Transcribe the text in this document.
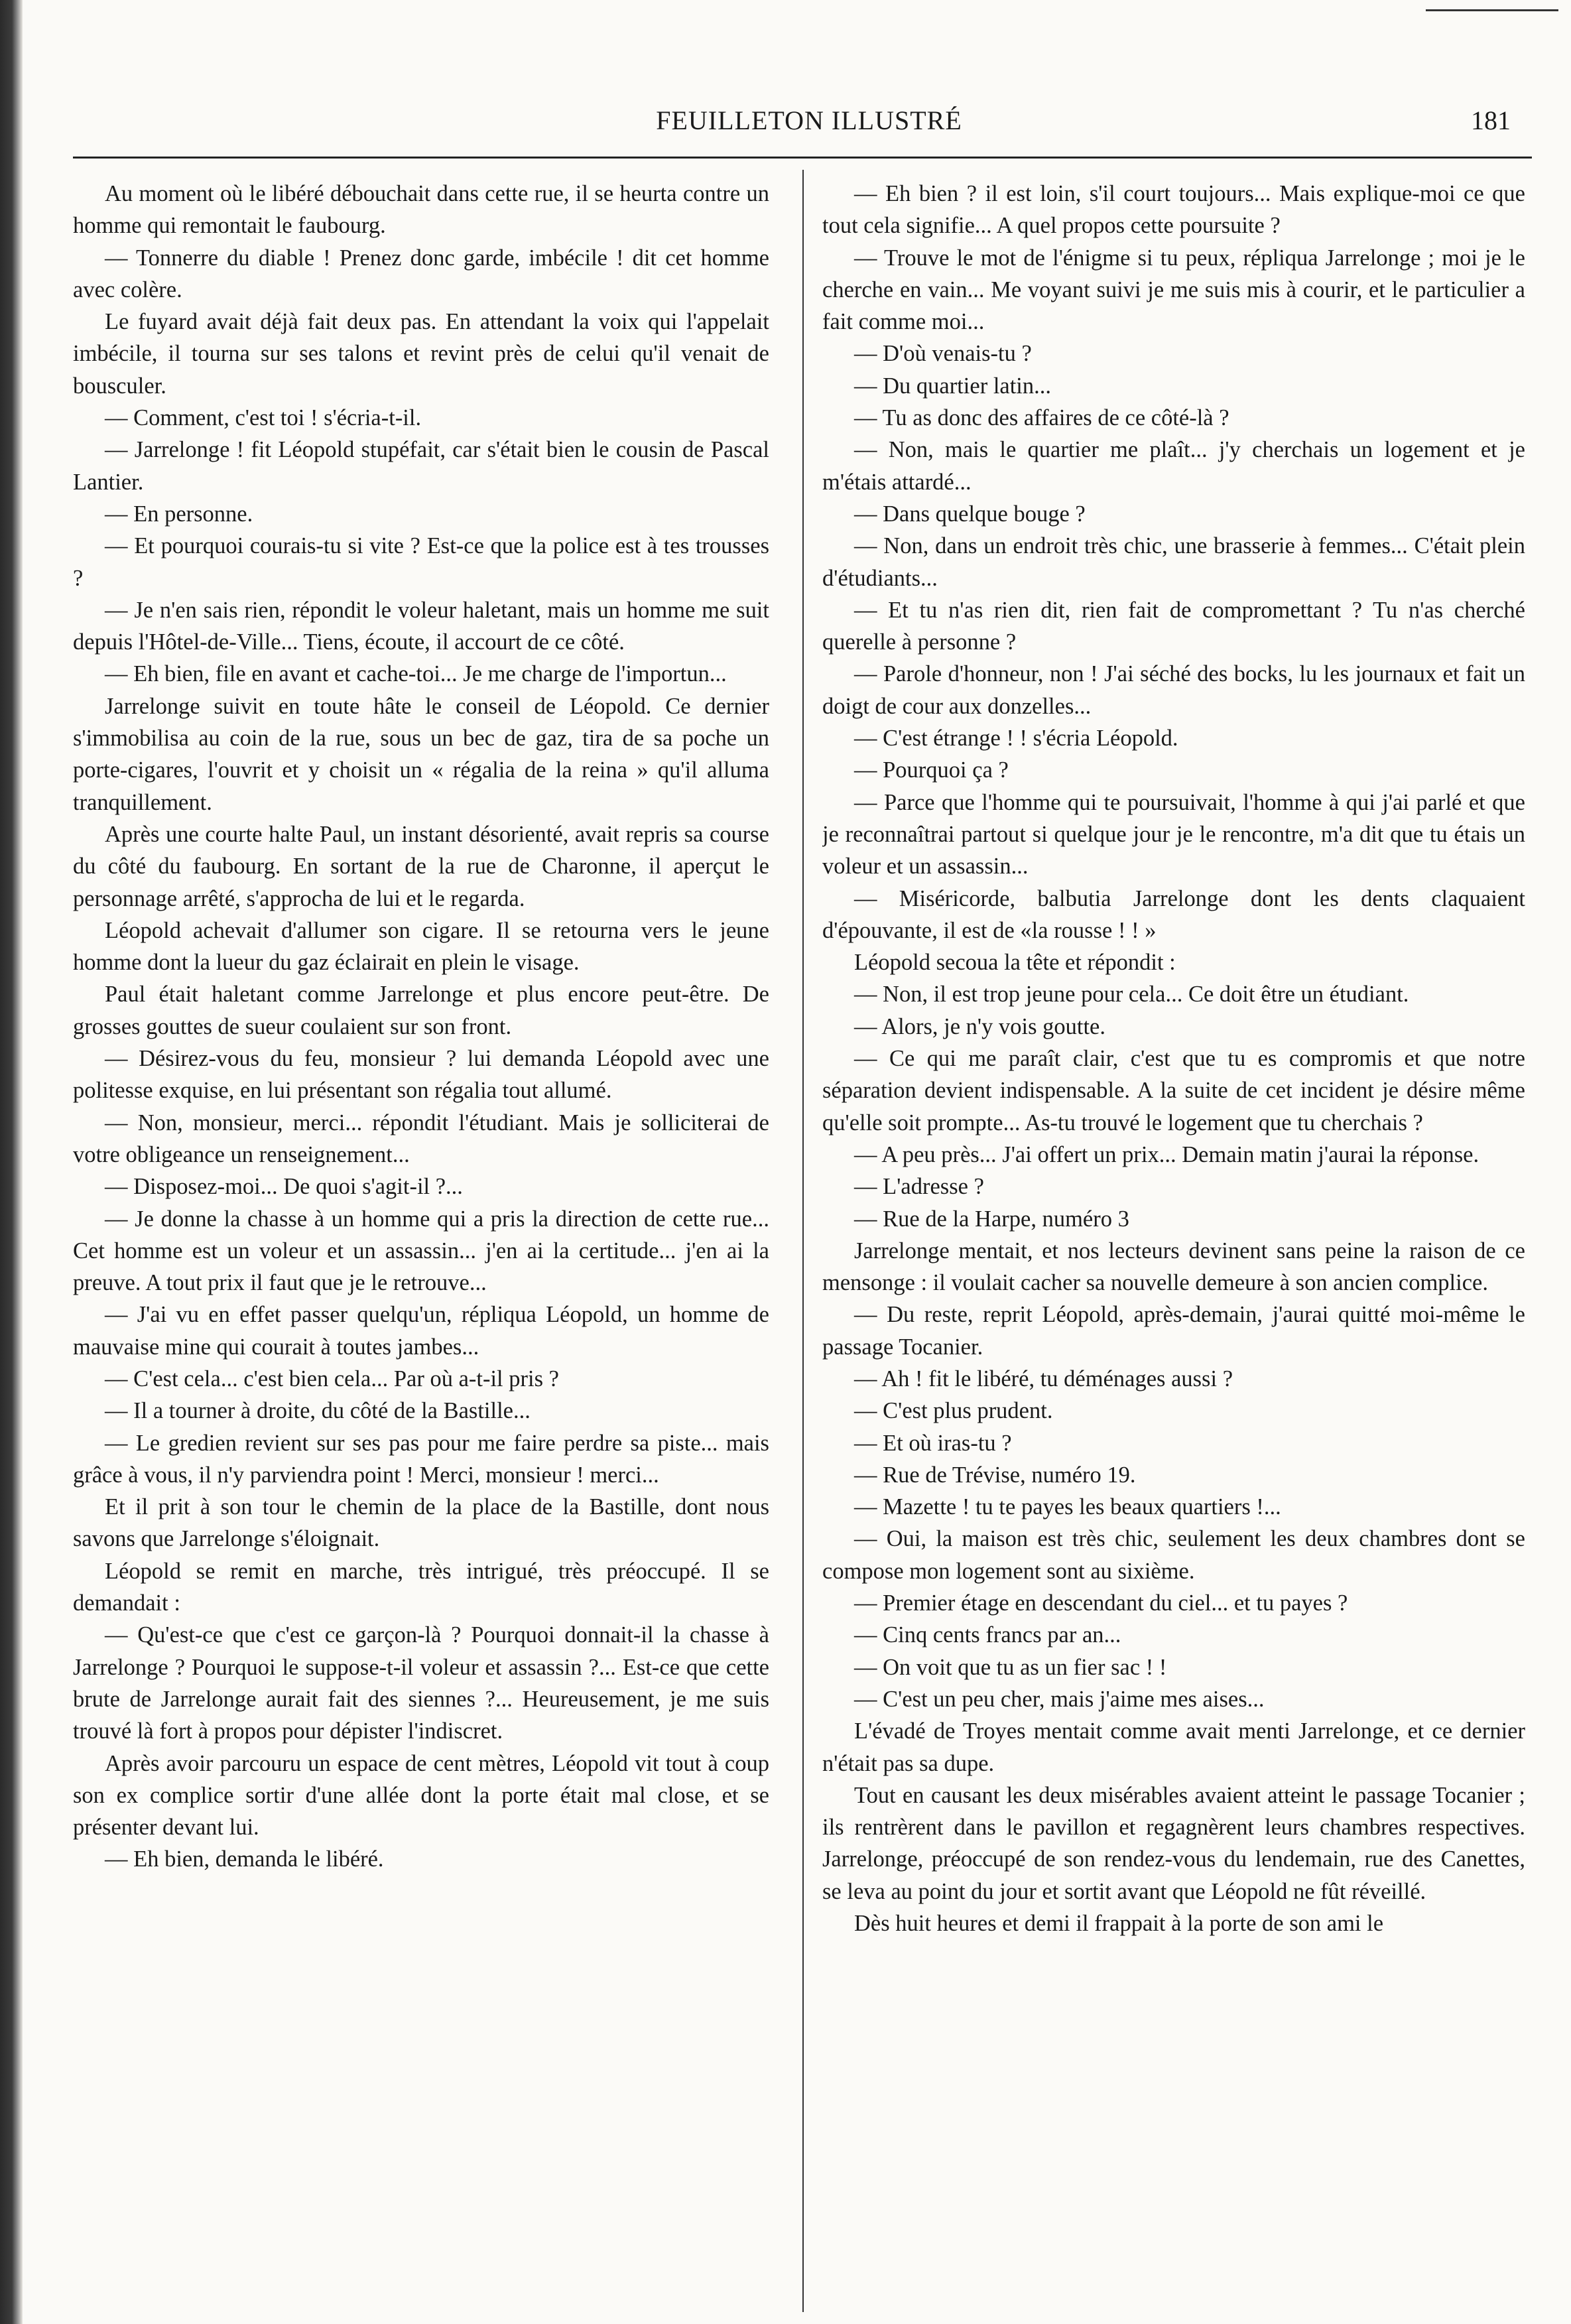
FEUILLETON ILLUSTRÉ	181

Au moment où le libéré débouchait dans cette rue, il se heurta contre un homme qui remontait le faubourg.

— Tonnerre du diable ! Prenez donc garde, imbécile ! dit cet homme avec colère.

Le fuyard avait déjà fait deux pas. En attendant la voix qui l'appelait imbécile, il tourna sur ses talons et revint près de celui qu'il venait de bousculer.

— Comment, c'est toi ! s'écria-t-il.

— Jarrelonge ! fit Léopold stupéfait, car s'était bien le cousin de Pascal Lantier.

— En personne.

— Et pourquoi courais-tu si vite ? Est-ce que la police est à tes trousses ?

— Je n'en sais rien, répondit le voleur haletant, mais un homme me suit depuis l'Hôtel-de-Ville... Tiens, écoute, il accourt de ce côté.

— Eh bien, file en avant et cache-toi... Je me charge de l'importun...

Jarrelonge suivit en toute hâte le conseil de Léopold. Ce dernier s'immobilisa au coin de la rue, sous un bec de gaz, tira de sa poche un porte-cigares, l'ouvrit et y choisit un « régalia de la reina » qu'il alluma tranquillement.

Après une courte halte Paul, un instant désorienté, avait repris sa course du côté du faubourg. En sortant de la rue de Charonne, il aperçut le personnage arrêté, s'approcha de lui et le regarda.

Léopold achevait d'allumer son cigare. Il se retourna vers le jeune homme dont la lueur du gaz éclairait en plein le visage.

Paul était haletant comme Jarrelonge et plus encore peut-être. De grosses gouttes de sueur coulaient sur son front.

— Désirez-vous du feu, monsieur ? lui demanda Léopold avec une politesse exquise, en lui présentant son régalia tout allumé.

— Non, monsieur, merci... répondit l'étudiant. Mais je solliciterai de votre obligeance un renseignement...

— Disposez-moi... De quoi s'agit-il ?...

— Je donne la chasse à un homme qui a pris la direction de cette rue... Cet homme est un voleur et un assassin... j'en ai la certitude... j'en ai la preuve. A tout prix il faut que je le retrouve...

— J'ai vu en effet passer quelqu'un, répliqua Léopold, un homme de mauvaise mine qui courait à toutes jambes...

— C'est cela... c'est bien cela... Par où a-t-il pris ?

— Il a tourner à droite, du côté de la Bastille...

— Le gredien revient sur ses pas pour me faire perdre sa piste... mais grâce à vous, il n'y parviendra point ! Merci, monsieur ! merci...

Et il prit à son tour le chemin de la place de la Bastille, dont nous savons que Jarrelonge s'éloignait.

Léopold se remit en marche, très intrigué, très préoccupé. Il se demandait :

— Qu'est-ce que c'est ce garçon-là ? Pourquoi donnait-il la chasse à Jarrelonge ? Pourquoi le suppose-t-il voleur et assassin ?... Est-ce que cette brute de Jarrelonge aurait fait des siennes ?... Heureusement, je me suis trouvé là fort à propos pour dépister l'indiscret.

Après avoir parcouru un espace de cent mètres, Léopold vit tout à coup son ex complice sortir d'une allée dont la porte était mal close, et se présenter devant lui.

— Eh bien, demanda le libéré.

— Eh bien ? il est loin, s'il court toujours... Mais explique-moi ce que tout cela signifie... A quel propos cette poursuite ?

— Trouve le mot de l'énigme si tu peux, répliqua Jarrelonge ; moi je le cherche en vain... Me voyant suivi je me suis mis à courir, et le particulier a fait comme moi...

— D'où venais-tu ?

— Du quartier latin...

— Tu as donc des affaires de ce côté-là ?

— Non, mais le quartier me plaît... j'y cherchais un logement et je m'étais attardé...

— Dans quelque bouge ?

— Non, dans un endroit très chic, une brasserie à femmes... C'était plein d'étudiants...

— Et tu n'as rien dit, rien fait de compromettant ? Tu n'as cherché querelle à personne ?

— Parole d'honneur, non ! J'ai séché des bocks, lu les journaux et fait un doigt de cour aux donzelles...

— C'est étrange ! ! s'écria Léopold.

— Pourquoi ça ?

— Parce que l'homme qui te poursuivait, l'homme à qui j'ai parlé et que je reconnaîtrai partout si quelque jour je le rencontre, m'a dit que tu étais un voleur et un assassin...

— Miséricorde, balbutia Jarrelonge dont les dents claquaient d'épouvante, il est de «la rousse ! ! »

Léopold secoua la tête et répondit :

— Non, il est trop jeune pour cela... Ce doit être un étudiant.

— Alors, je n'y vois goutte.

— Ce qui me paraît clair, c'est que tu es compromis et que notre séparation devient indispensable. A la suite de cet incident je désire même qu'elle soit prompte... As-tu trouvé le logement que tu cherchais ?

— A peu près... J'ai offert un prix... Demain matin j'aurai la réponse.

— L'adresse ?

— Rue de la Harpe, numéro 3

Jarrelonge mentait, et nos lecteurs devinent sans peine la raison de ce mensonge : il voulait cacher sa nouvelle demeure à son ancien complice.

— Du reste, reprit Léopold, après-demain, j'aurai quitté moi-même le passage Tocanier.

— Ah ! fit le libéré, tu déménages aussi ?

— C'est plus prudent.

— Et où iras-tu ?

— Rue de Trévise, numéro 19.

— Mazette ! tu te payes les beaux quartiers !...

— Oui, la maison est très chic, seulement les deux chambres dont se compose mon logement sont au sixième.

— Premier étage en descendant du ciel... et tu payes ?

— Cinq cents francs par an...

— On voit que tu as un fier sac ! !

— C'est un peu cher, mais j'aime mes aises...

L'évadé de Troyes mentait comme avait menti Jarrelonge, et ce dernier n'était pas sa dupe.

Tout en causant les deux misérables avaient atteint le passage Tocanier ; ils rentrèrent dans le pavillon et regagnèrent leurs chambres respectives. Jarrelonge, préoccupé de son rendez-vous du lendemain, rue des Canettes, se leva au point du jour et sortit avant que Léopold ne fût réveillé.

Dès huit heures et demi il frappait à la porte de son ami le
